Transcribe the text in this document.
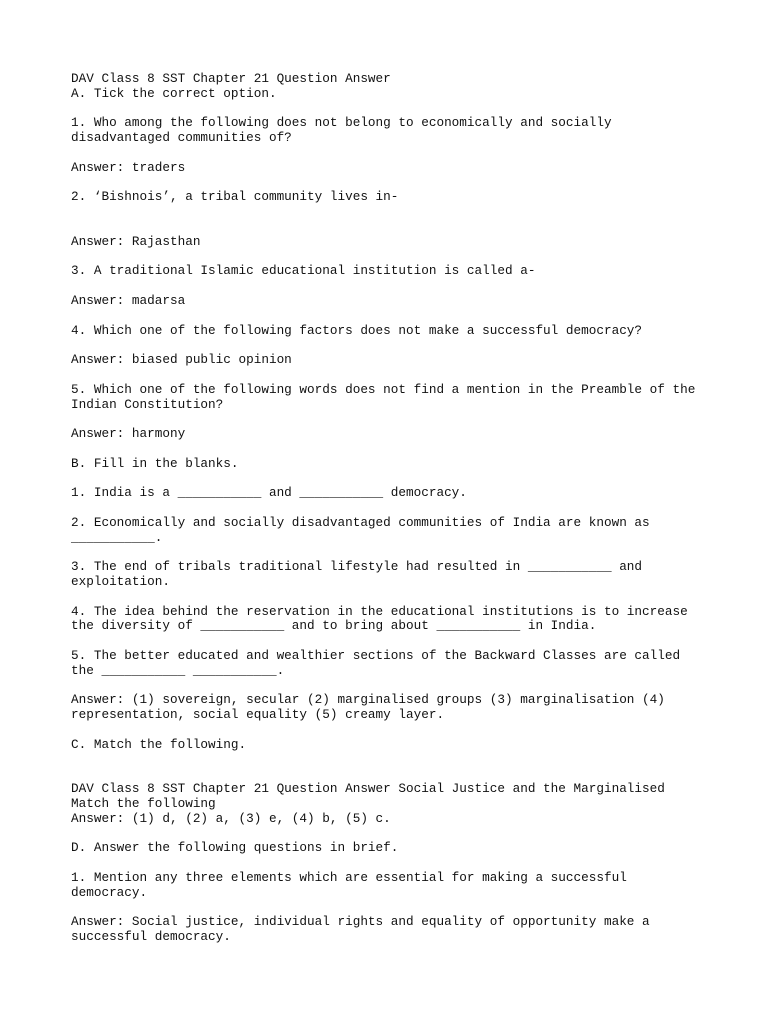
DAV Class 8 SST Chapter 21 Question Answer
A. Tick the correct option.
1. Who among the following does not belong to economically and socially
disadvantaged communities of?
Answer: traders
2. ‘Bishnois’, a tribal community lives in-
Answer: Rajasthan
3. A traditional Islamic educational institution is called a-
Answer: madarsa
4. Which one of the following factors does not make a successful democracy?
Answer: biased public opinion
5. Which one of the following words does not find a mention in the Preamble of the
Indian Constitution?
Answer: harmony
B. Fill in the blanks.
1. India is a ___________ and ___________ democracy.
2. Economically and socially disadvantaged communities of India are known as
___________.
3. The end of tribals traditional lifestyle had resulted in ___________ and
exploitation.
4. The idea behind the reservation in the educational institutions is to increase
the diversity of ___________ and to bring about ___________ in India.
5. The better educated and wealthier sections of the Backward Classes are called
the ___________ ___________.
Answer: (1) sovereign, secular (2) marginalised groups (3) marginalisation (4)
representation, social equality (5) creamy layer.
C. Match the following.
DAV Class 8 SST Chapter 21 Question Answer Social Justice and the Marginalised
Match the following
Answer: (1) d, (2) a, (3) e, (4) b, (5) c.
D. Answer the following questions in brief.
1. Mention any three elements which are essential for making a successful
democracy.
Answer: Social justice, individual rights and equality of opportunity make a
successful democracy.
